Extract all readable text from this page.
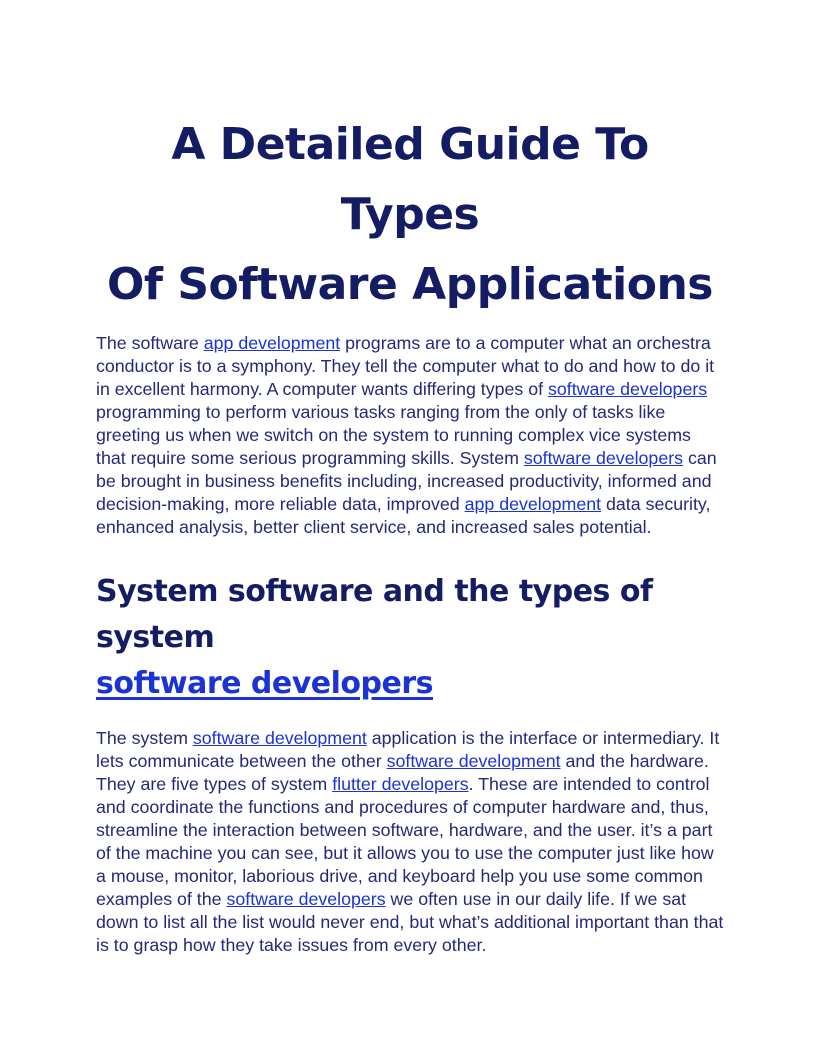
A Detailed Guide To Types
Of Software Applications

The software app development programs are to a computer what an orchestra conductor is to a symphony. They tell the computer what to do and how to do it in excellent harmony. A computer wants differing types of software developers programming to perform various tasks ranging from the only of tasks like greeting us when we switch on the system to running complex vice systems that require some serious programming skills. System software developers can be brought in business benefits including, increased productivity, informed and decision-making, more reliable data, improved app development data security, enhanced analysis, better client service, and increased sales potential.

System software and the types of system
software developers

The system software development application is the interface or intermediary. It lets communicate between the other software development and the hardware. They are five types of system flutter developers. These are intended to control and coordinate the functions and procedures of computer hardware and, thus, streamline the interaction between software, hardware, and the user. it’s a part of the machine you can see, but it allows you to use the computer just like how a mouse, monitor, laborious drive, and keyboard help you use some common examples of the software developers we often use in our daily life. If we sat down to list all the list would never end, but what’s additional important than that is to grasp how they take issues from every other.
